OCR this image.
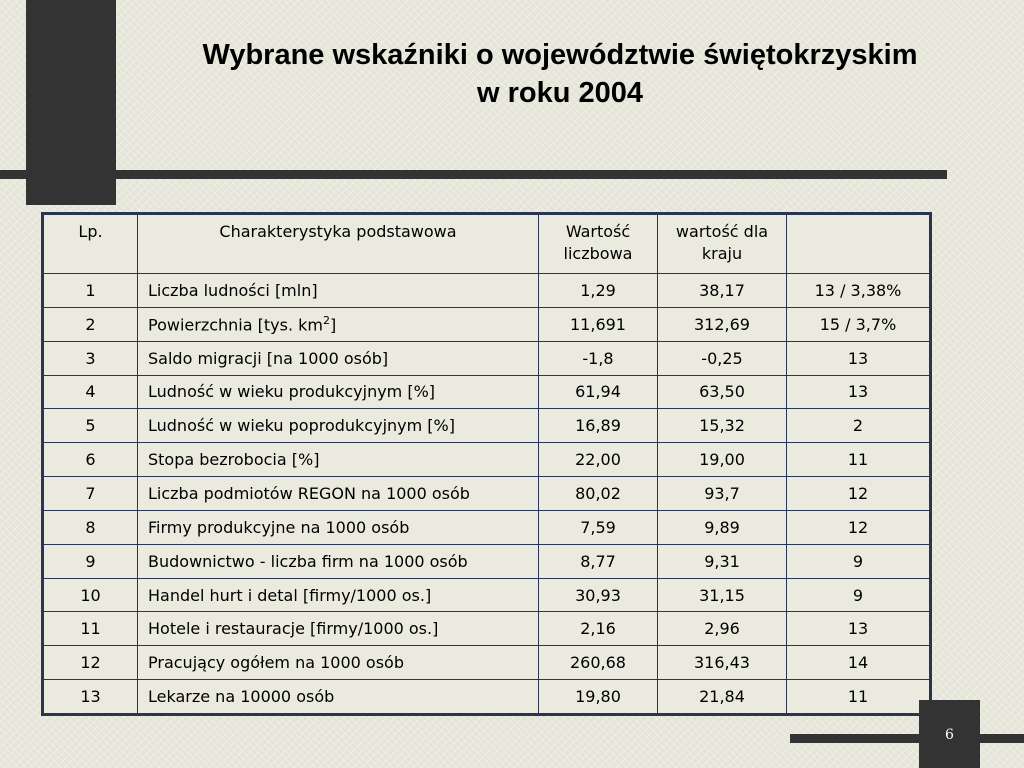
Wybrane wskaźniki o województwie świętokrzyskim
w roku 2004
Lp.	Charakterystyka podstawowa	Wartość liczbowa	wartość dla kraju	
1	Liczba ludności [mln]	1,29	38,17	13 / 3,38%
2	Powierzchnia [tys. $km^2$]	11,691	312,69	15 / 3,7%
3	Saldo migracji [na 1000 osób]	-1,8	-0,25	13
4	Ludność w wieku produkcyjnym [%]	61,94	63,50	13
5	Ludność w wieku poprodukcyjnym [%]	16,89	15,32	2
6	Stopa bezrobocia [%]	22,00	19,00	11
7	Liczba podmiotów REGON na 1000 osób	80,02	93,7	12
8	Firmy produkcyjne na 1000 osób	7,59	9,89	12
9	Budownictwo - liczba firm na 1000 osób	8,77	9,31	9
10	Handel hurt i detal [firmy/1000 os.]	30,93	31,15	9
11	Hotele i restauracje [firmy/1000 os.]	2,16	2,96	13
12	Pracujący ogółem na 1000 osób	260,68	316,43	14
13	Lekarze na 10000 osób	19,80	21,84	11
6
